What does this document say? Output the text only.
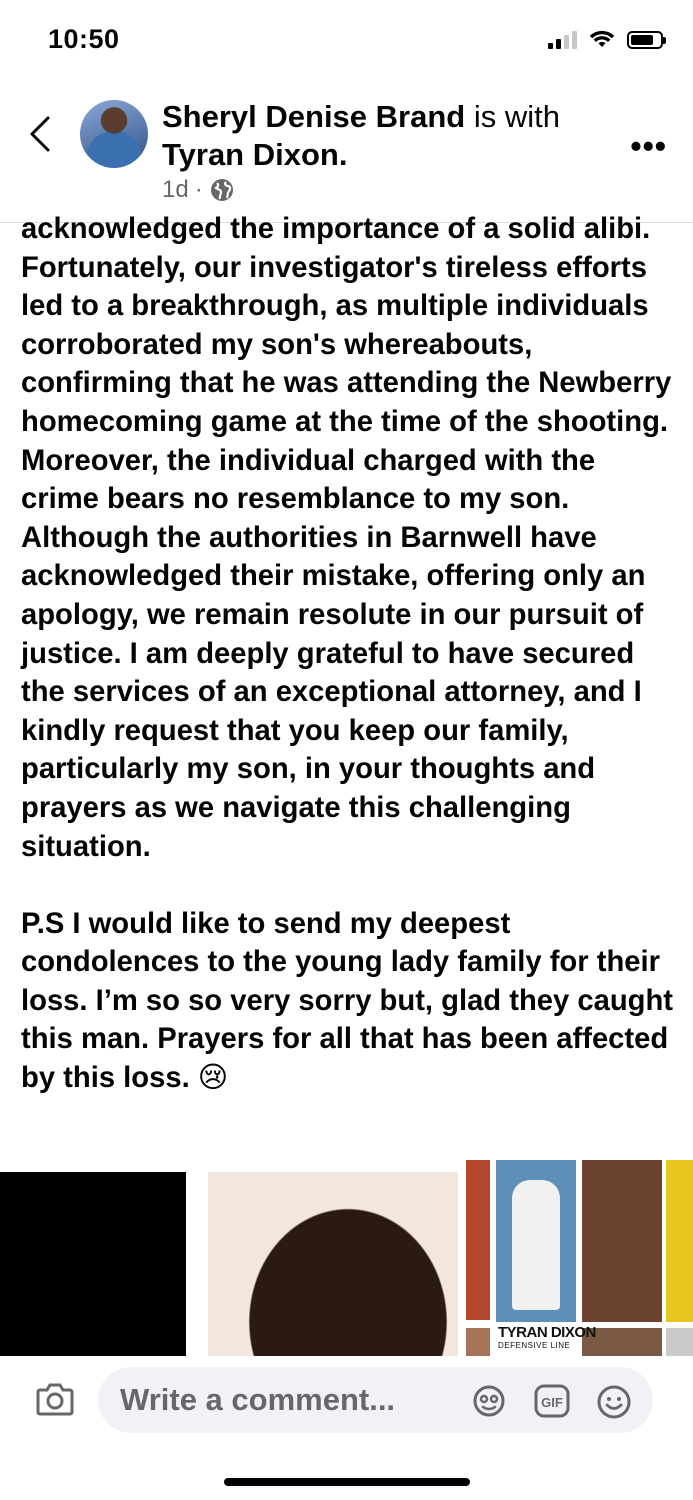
10:50
Sheryl Denise Brand is with Tyran Dixon.
1d ·
•••

acknowledged the importance of a solid alibi. Fortunately, our investigator's tireless efforts led to a breakthrough, as multiple individuals corroborated my son's whereabouts, confirming that he was attending the Newberry homecoming game at the time of the shooting. Moreover, the individual charged with the crime bears no resemblance to my son. Although the authorities in Barnwell have acknowledged their mistake, offering only an apology, we remain resolute in our pursuit of justice. I am deeply grateful to have secured the services of an exceptional attorney, and I kindly request that you keep our family, particularly my son, in your thoughts and prayers as we navigate this challenging situation.

P.S I would like to send my deepest condolences to the young lady family for their loss. I’m so so very sorry but, glad they caught this man. Prayers for all that has been affected by this loss. 😢

TYRAN DIXON
DEFENSIVE LINE
Write a comment...	GIF
